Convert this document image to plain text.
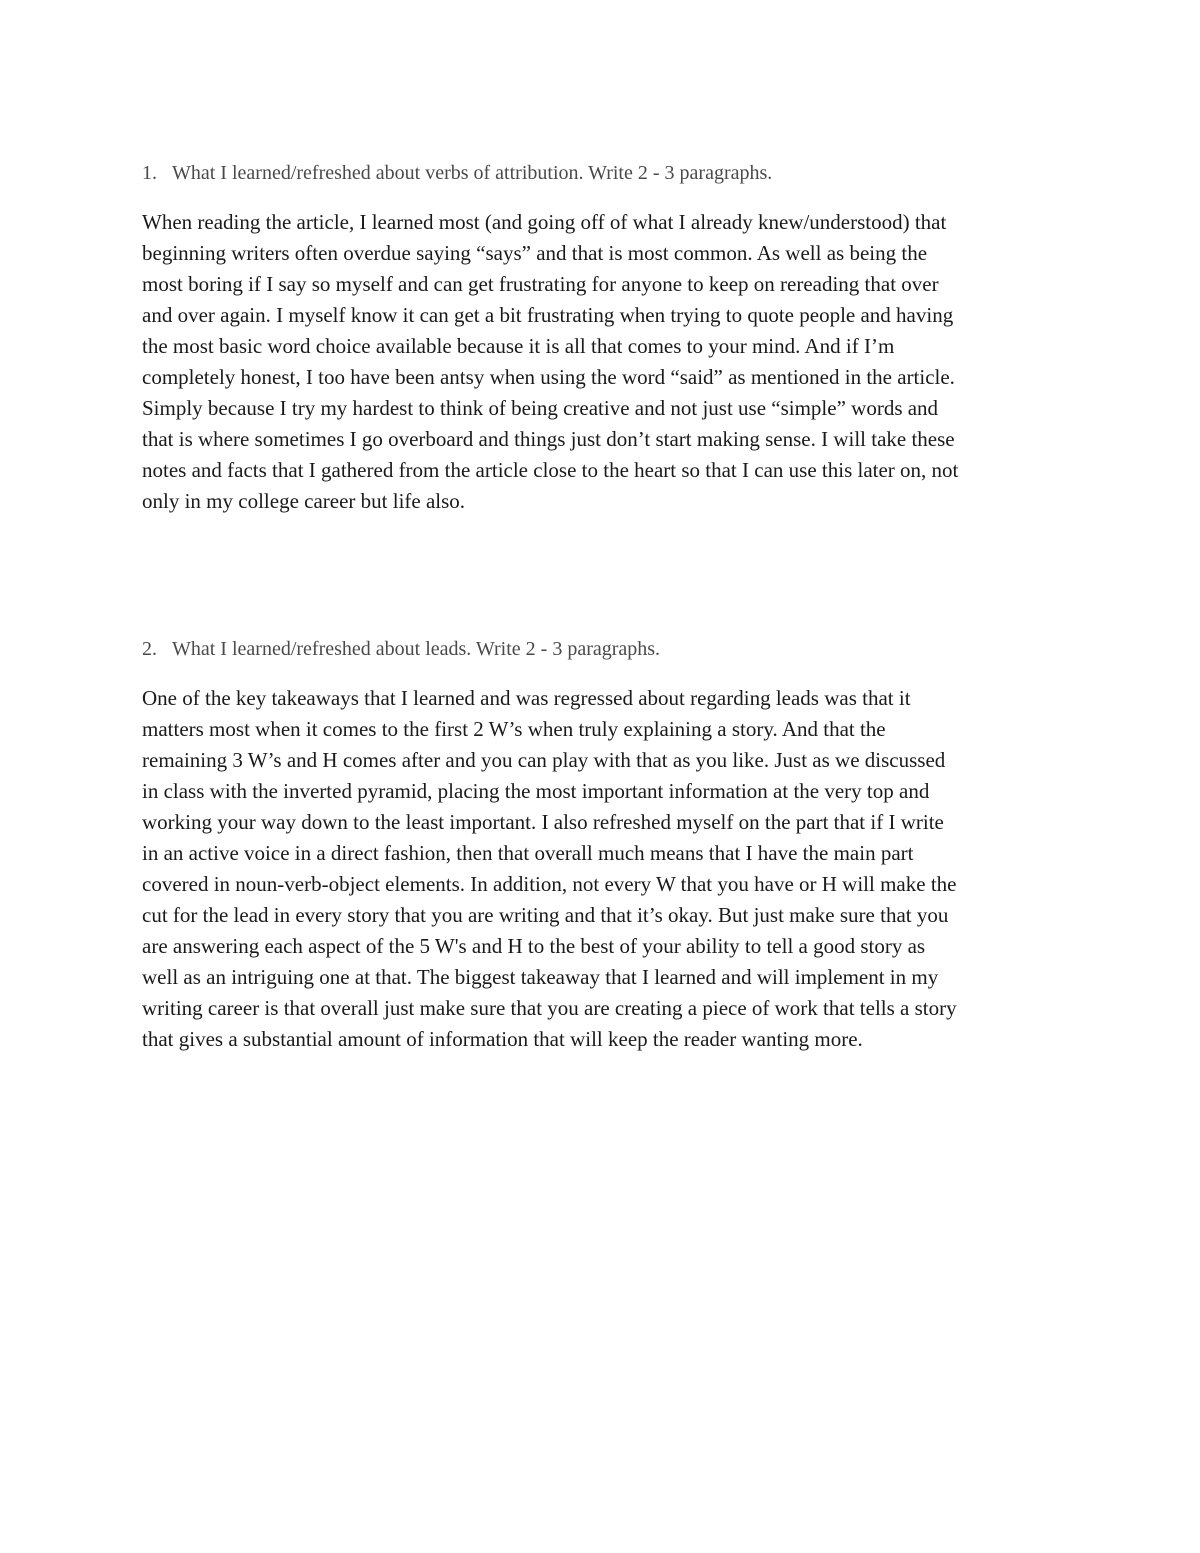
1. What I learned/refreshed about verbs of attribution. Write 2 - 3 paragraphs.
When reading the article, I learned most (and going off of what I already knew/understood) that
beginning writers often overdue saying “says” and that is most common. As well as being the
most boring if I say so myself and can get frustrating for anyone to keep on rereading that over
and over again. I myself know it can get a bit frustrating when trying to quote people and having
the most basic word choice available because it is all that comes to your mind. And if I’m
completely honest, I too have been antsy when using the word “said” as mentioned in the article.
Simply because I try my hardest to think of being creative and not just use “simple” words and
that is where sometimes I go overboard and things just don’t start making sense. I will take these
notes and facts that I gathered from the article close to the heart so that I can use this later on, not
only in my college career but life also.
2. What I learned/refreshed about leads. Write 2 - 3 paragraphs.
One of the key takeaways that I learned and was regressed about regarding leads was that it
matters most when it comes to the first 2 W’s when truly explaining a story. And that the
remaining 3 W’s and H comes after and you can play with that as you like. Just as we discussed
in class with the inverted pyramid, placing the most important information at the very top and
working your way down to the least important. I also refreshed myself on the part that if I write
in an active voice in a direct fashion, then that overall much means that I have the main part
covered in noun-verb-object elements. In addition, not every W that you have or H will make the
cut for the lead in every story that you are writing and that it’s okay. But just make sure that you
are answering each aspect of the 5 W's and H to the best of your ability to tell a good story as
well as an intriguing one at that. The biggest takeaway that I learned and will implement in my
writing career is that overall just make sure that you are creating a piece of work that tells a story
that gives a substantial amount of information that will keep the reader wanting more.
